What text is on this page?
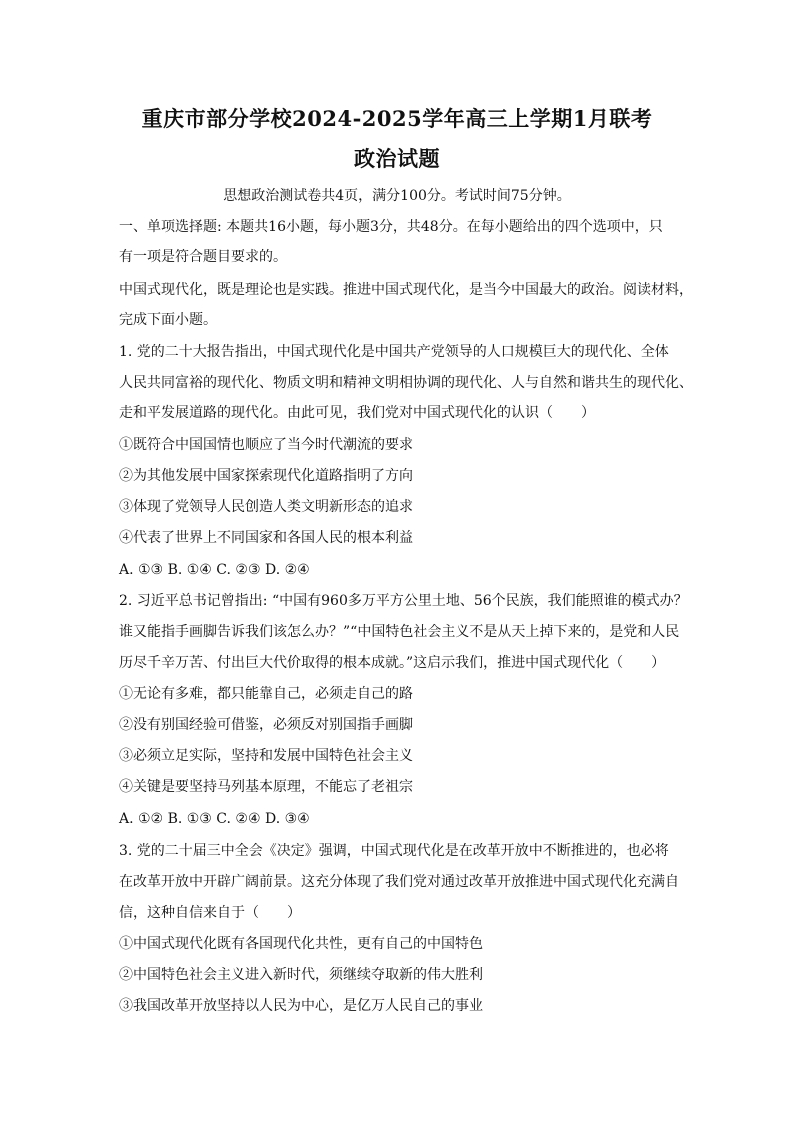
重庆市部分学校2024-2025学年高三上学期1月联考
政治试题
思想政治测试卷共4页，满分100分。考试时间75分钟。
一、单项选择题: 本题共16小题，每小题3分，共48分。在每小题给出的四个选项中，只
有一项是符合题目要求的。
中国式现代化，既是理论也是实践。推进中国式现代化，是当今中国最大的政治。阅读材料，
完成下面小题。
1. 党的二十大报告指出，中国式现代化是中国共产党领导的人口规模巨大的现代化、全体
人民共同富裕的现代化、物质文明和精神文明相协调的现代化、人与自然和谐共生的现代化、
走和平发展道路的现代化。由此可见，我们党对中国式现代化的认识（　　）
①既符合中国国情也顺应了当今时代潮流的要求
②为其他发展中国家探索现代化道路指明了方向
③体现了党领导人民创造人类文明新形态的追求
④代表了世界上不同国家和各国人民的根本利益
A. ①③ B. ①④ C. ②③ D. ②④
2. 习近平总书记曾指出: “中国有960多万平方公里土地、56个民族，我们能照谁的模式办？
谁又能指手画脚告诉我们该怎么办？”“中国特色社会主义不是从天上掉下来的，是党和人民
历尽千辛万苦、付出巨大代价取得的根本成就。”这启示我们，推进中国式现代化（　　）
①无论有多难，都只能靠自己，必须走自己的路
②没有别国经验可借鉴，必须反对别国指手画脚
③必须立足实际，坚持和发展中国特色社会主义
④关键是要坚持马列基本原理，不能忘了老祖宗
A. ①② B. ①③ C. ②④ D. ③④
3. 党的二十届三中全会《决定》强调，中国式现代化是在改革开放中不断推进的，也必将
在改革开放中开辟广阔前景。这充分体现了我们党对通过改革开放推进中国式现代化充满自
信，这种自信来自于（　　）
①中国式现代化既有各国现代化共性，更有自己的中国特色
②中国特色社会主义进入新时代，须继续夺取新的伟大胜利
③我国改革开放坚持以人民为中心，是亿万人民自己的事业
